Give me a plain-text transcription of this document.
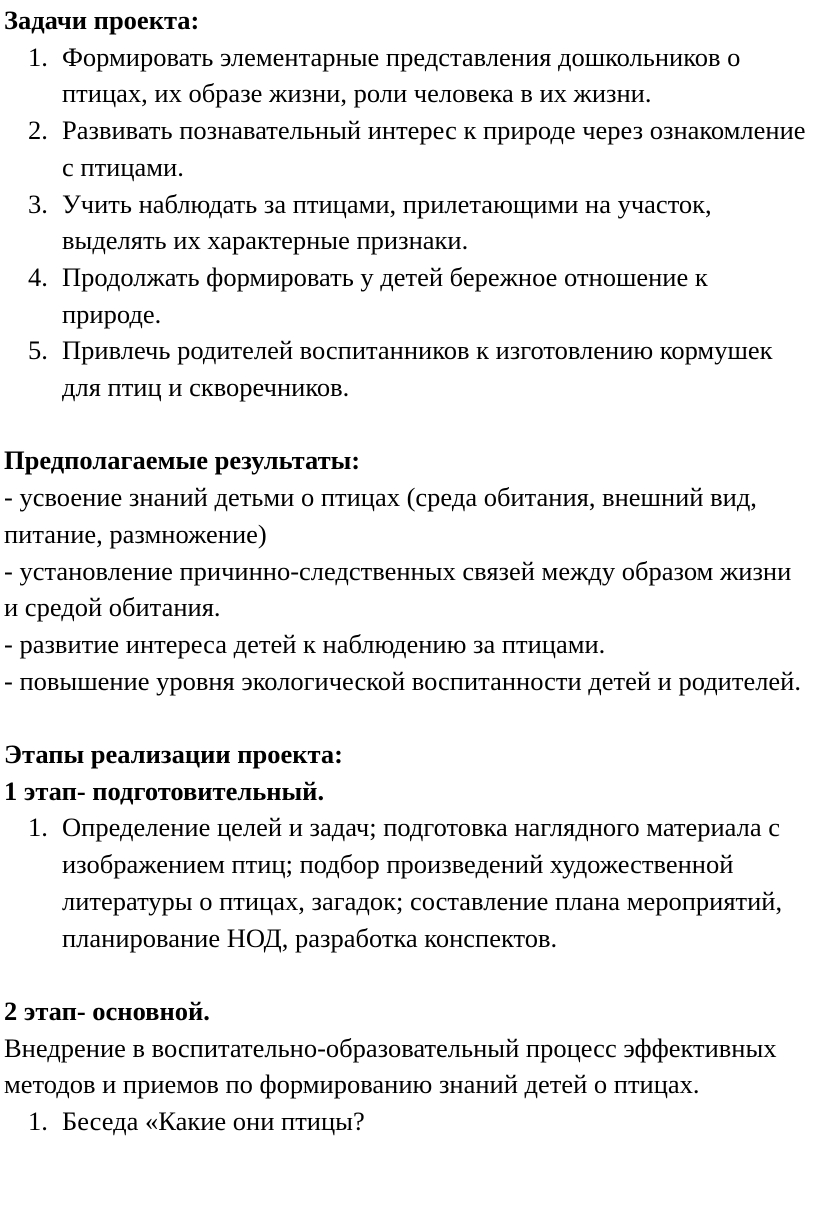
Задачи проекта:

1. Формировать элементарные представления дошкольников о птицах, их образе жизни, роли человека в их жизни.
2. Развивать познавательный интерес к природе через ознакомление с птицами.
3. Учить наблюдать за птицами, прилетающими на участок, выделять их характерные признаки.
4. Продолжать формировать у детей бережное отношение к природе.
5. Привлечь родителей воспитанников к изготовлению кормушек для птиц и скворечников.

Предполагаемые результаты:

- усвоение знаний детьми о птицах (среда обитания, внешний вид, питание, размножение)

- установление причинно-следственных связей между образом жизни и средой обитания.

- развитие интереса детей к наблюдению за птицами.

- повышение уровня экологической воспитанности детей и родителей.

Этапы реализации проекта:

1 этап- подготовительный.

1. Определение целей и задач; подготовка наглядного материала с изображением птиц; подбор произведений художественной литературы о птицах, загадок; составление плана мероприятий, планирование НОД, разработка конспектов.

2 этап- основной.

Внедрение в воспитательно-образовательный процесс эффективных методов и приемов по формированию знаний детей о птицах.

1. Беседа «Какие они птицы?
